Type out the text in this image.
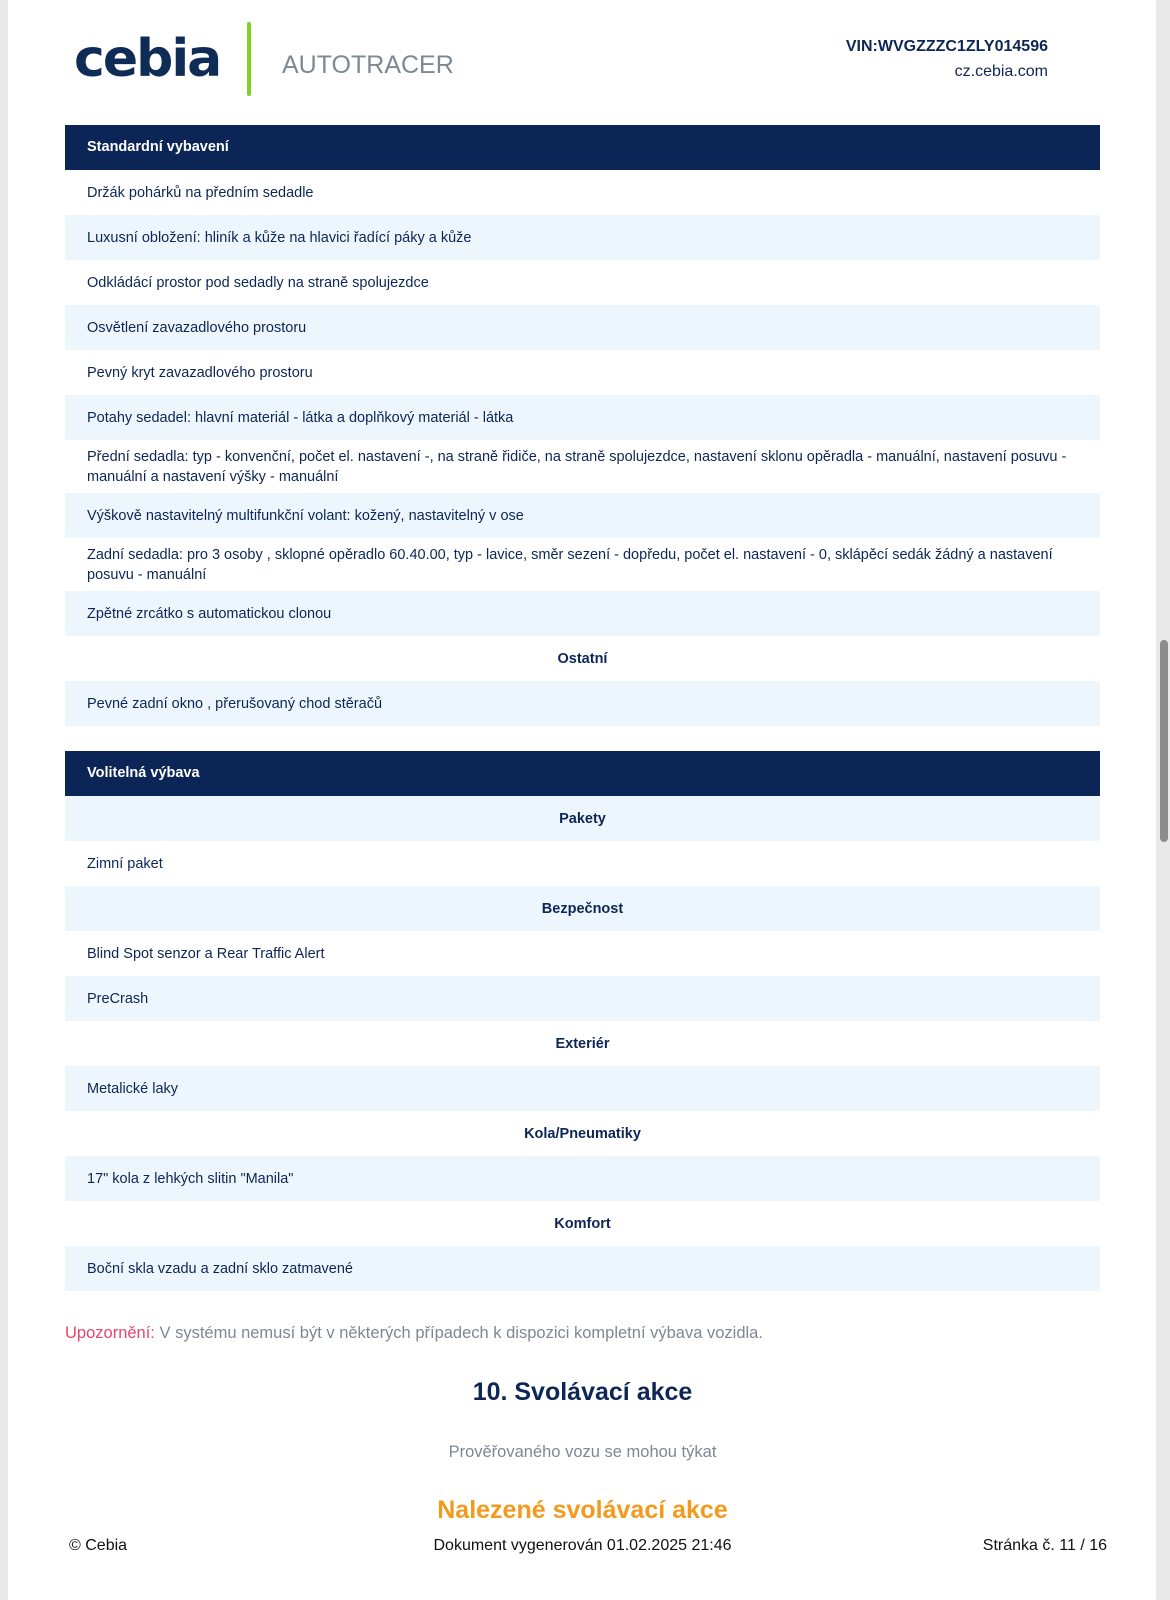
cebia AUTOTRACER
VIN:WVGZZZC1ZLY014596
cz.cebia.com
Standardní vybavení
Držák pohárků na předním sedadle
Luxusní obložení: hliník a kůže na hlavici řadící páky a kůže
Odkládácí prostor pod sedadly na straně spolujezdce
Osvětlení zavazadlového prostoru
Pevný kryt zavazadlového prostoru
Potahy sedadel: hlavní materiál - látka a doplňkový materiál - látka
Přední sedadla: typ - konvenční, počet el. nastavení -, na straně řidiče, na straně spolujezdce, nastavení sklonu opěradla - manuální, nastavení posuvu - manuální a nastavení výšky - manuální
Výškově nastavitelný multifunkční volant: kožený, nastavitelný v ose
Zadní sedadla: pro 3 osoby , sklopné opěradlo 60.40.00, typ - lavice, směr sezení - dopředu, počet el. nastavení - 0, sklápěcí sedák žádný a nastavení posuvu - manuální
Zpětné zrcátko s automatickou clonou
Ostatní
Pevné zadní okno , přerušovaný chod stěračů
Volitelná výbava
Pakety
Zimní paket
Bezpečnost
Blind Spot senzor a Rear Traffic Alert
PreCrash
Exteriér
Metalické laky
Kola/Pneumatiky
17" kola z lehkých slitin "Manila"
Komfort
Boční skla vzadu a zadní sklo zatmavené
Upozornění: V systému nemusí být v některých případech k dispozici kompletní výbava vozidla.
10. Svolávací akce
Prověřovaného vozu se mohou týkat
Nalezené svolávací akce
© Cebia	Dokument vygenerován 01.02.2025 21:46	Stránka č. 11 / 16
